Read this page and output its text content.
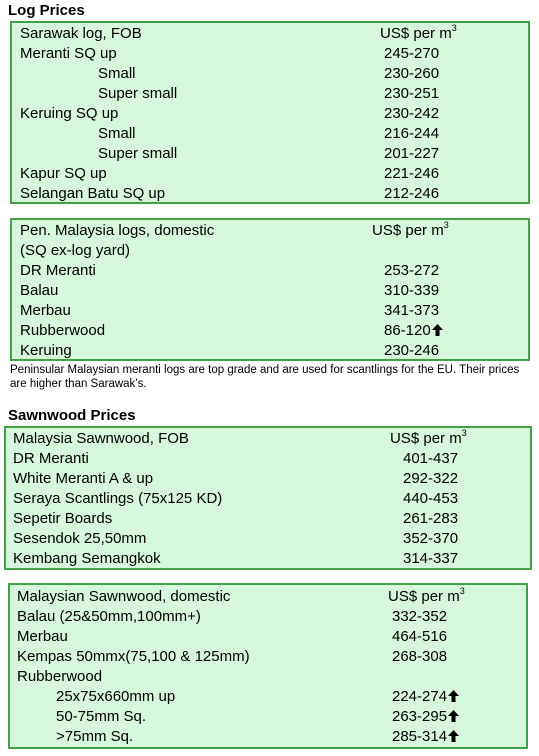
Log Prices
Sarawak log, FOB	US$ per $m^3$
Meranti SQ up	245-270
Small	230-260
Super small	230-251
Keruing SQ up	230-242
Small	216-244
Super small	201-227
Kapur SQ up	221-246
Selangan Batu SQ up	212-246
Pen. Malaysia logs, domestic	US$ per $m^3$
(SQ ex-log yard)
DR Meranti	253-272
Balau	310-339
Merbau	341-373
Rubberwood	86-120
Keruing	230-246
Peninsular Malaysian meranti logs are top grade and are used for scantlings for the EU. Their prices are higher than Sarawak’s.
Sawnwood Prices
Malaysia Sawnwood, FOB	US$ per $m^3$
DR Meranti	401-437
White Meranti A & up	292-322
Seraya Scantlings (75x125 KD)	440-453
Sepetir Boards	261-283
Sesendok 25,50mm	352-370
Kembang Semangkok	314-337
Malaysian Sawnwood, domestic	US$ per $m^3$
Balau (25&50mm,100mm+)	332-352
Merbau	464-516
Kempas 50mmx(75,100 & 125mm)	268-308
Rubberwood
25x75x660mm up	224-274
50-75mm Sq.	263-295
>75mm Sq.	285-314
